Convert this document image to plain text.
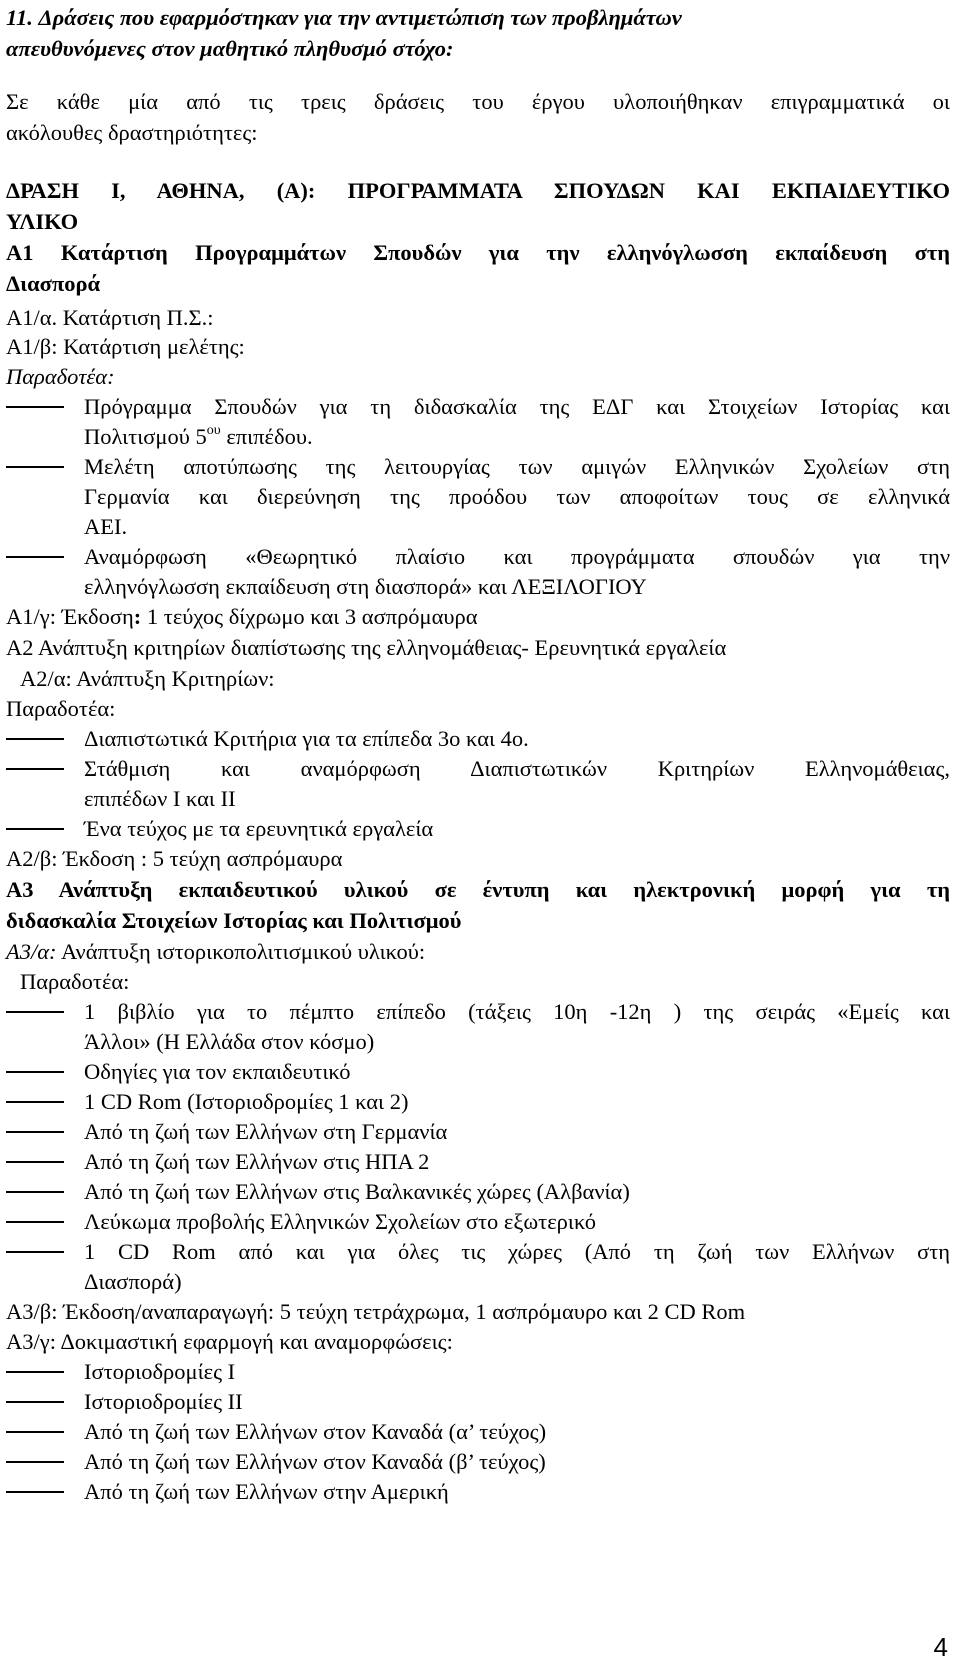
11. Δράσεις που εφαρμόστηκαν για την αντιμετώπιση των προβλημάτων
απευθυνόμενες στον μαθητικό πληθυσμό στόχο:
Σε κάθε μία από τις τρεις δράσεις του έργου υλοποιήθηκαν επιγραμματικά οι
ακόλουθες δραστηριότητες:
ΔΡΑΣΗ Ι, ΑΘΗΝΑ, (Α): ΠΡΟΓΡΑΜΜΑΤΑ ΣΠΟΥΔΩΝ ΚΑΙ ΕΚΠΑΙΔΕΥΤΙΚΟ
ΥΛΙΚΟ
Α1 Κατάρτιση Προγραμμάτων Σπουδών για την ελληνόγλωσση εκπαίδευση στη
Διασπορά
Α1/α. Κατάρτιση Π.Σ.:
Α1/β: Κατάρτιση μελέτης:
Παραδοτέα:
Πρόγραμμα Σπουδών για τη διδασκαλία της ΕΔΓ και Στοιχείων Ιστορίας και
Πολιτισμού $5^{o\upsilon}$ επιπέδου.
Μελέτη αποτύπωσης της λειτουργίας των αμιγών Ελληνικών Σχολείων στη
Γερμανία και διερεύνηση της προόδου των αποφοίτων τους σε ελληνικά
ΑΕΙ.
Αναμόρφωση «Θεωρητικό πλαίσιο και προγράμματα σπουδών για την
ελληνόγλωσση εκπαίδευση στη διασπορά» και ΛΕΞΙΛΟΓΙΟΥ
Α1/γ: Έκδοση: 1 τεύχος δίχρωμο και 3 ασπρόμαυρα
Α2 Ανάπτυξη κριτηρίων διαπίστωσης της ελληνομάθειας- Ερευνητικά εργαλεία
Α2/α: Ανάπτυξη Κριτηρίων:
Παραδοτέα:
Διαπιστωτικά Κριτήρια για τα επίπεδα 3ο και 4ο.
Στάθμιση και αναμόρφωση Διαπιστωτικών Κριτηρίων Ελληνομάθειας,
επιπέδων Ι και ΙΙ
Ένα τεύχος με τα ερευνητικά εργαλεία
Α2/β: Έκδοση : 5 τεύχη ασπρόμαυρα
Α3 Ανάπτυξη εκπαιδευτικού υλικού σε έντυπη και ηλεκτρονική μορφή για τη
διδασκαλία Στοιχείων Ιστορίας και Πολιτισμού
Α3/α: Ανάπτυξη ιστορικοπολιτισμικού υλικού:
Παραδοτέα:
1 βιβλίο για το πέμπτο επίπεδο (τάξεις 10η -12η ) της σειράς «Εμείς και
Άλλοι» (Η Ελλάδα στον κόσμο)
Οδηγίες για τον εκπαιδευτικό
1 CD Rom (Ιστοριοδρομίες 1 και 2)
Από τη ζωή των Ελλήνων στη Γερμανία
Από τη ζωή των Ελλήνων στις ΗΠΑ 2
Από τη ζωή των Ελλήνων στις Βαλκανικές χώρες (Αλβανία)
Λεύκωμα προβολής Ελληνικών Σχολείων στο εξωτερικό
1 CD Rom από και για όλες τις χώρες (Από τη ζωή των Ελλήνων στη
Διασπορά)
Α3/β: Έκδοση/αναπαραγωγή: 5 τεύχη τετράχρωμα, 1 ασπρόμαυρο και 2 CD Rom
Α3/γ: Δοκιμαστική εφαρμογή και αναμορφώσεις:
Ιστοριοδρομίες Ι
Ιστοριοδρομίες ΙΙ
Από τη ζωή των Ελλήνων στον Καναδά (α’ τεύχος)
Από τη ζωή των Ελλήνων στον Καναδά (β’ τεύχος)
Από τη ζωή των Ελλήνων στην Αμερική
4
